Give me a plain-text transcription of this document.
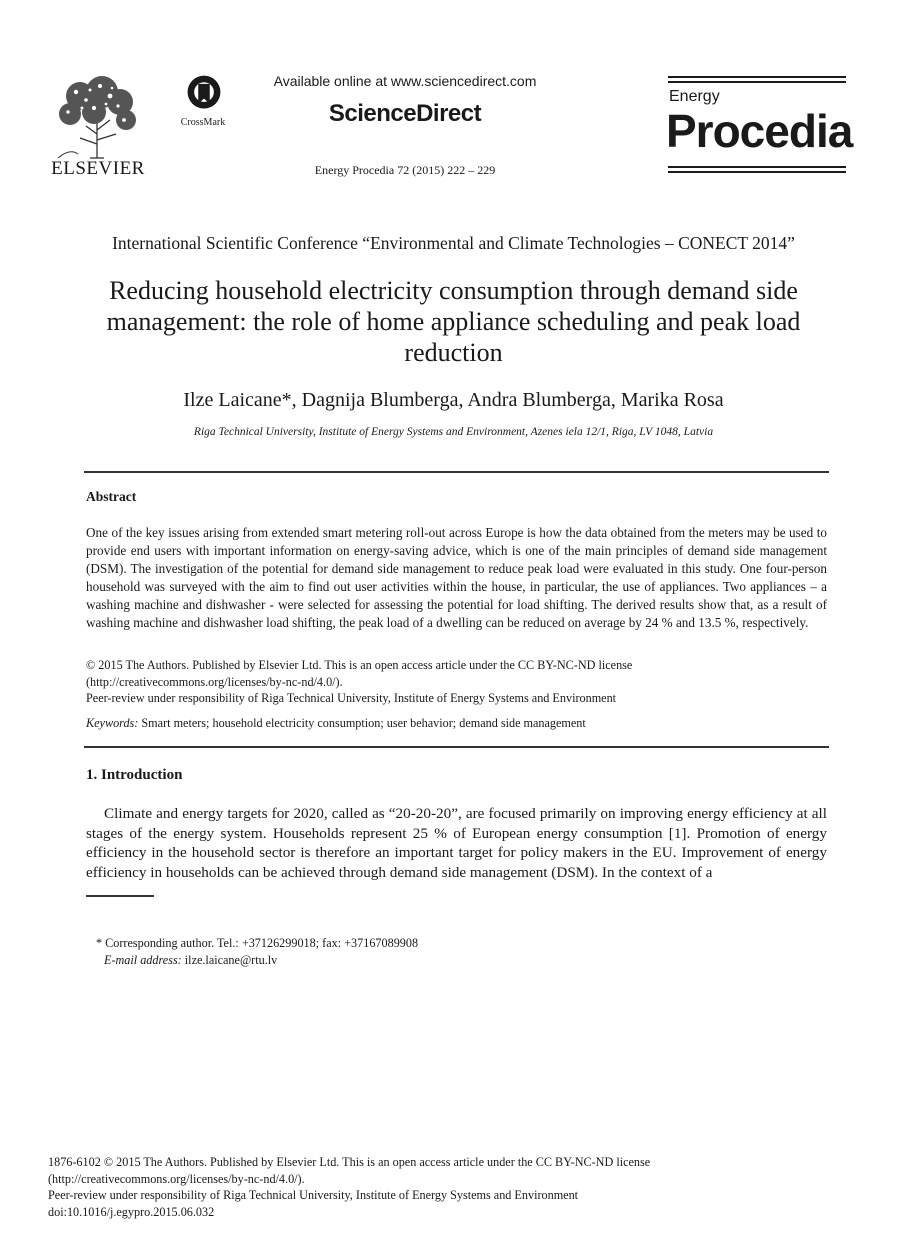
ELSEVIER
CrossMark
Available online at www.sciencedirect.com
ScienceDirect
Energy Procedia 72 (2015) 222 – 229
Energy
Procedia
International Scientific Conference “Environmental and Climate Technologies – CONECT 2014”
Reducing household electricity consumption through demand side
management: the role of home appliance scheduling and peak load
reduction
Ilze Laicane*, Dagnija Blumberga, Andra Blumberga, Marika Rosa
Riga Technical University, Institute of Energy Systems and Environment, Azenes iela 12/1, Riga, LV 1048, Latvia
Abstract
One of the key issues arising from extended smart metering roll-out across Europe is how the data obtained from the meters may be used to provide end users with important information on energy-saving advice, which is one of the main principles of demand side management (DSM). The investigation of the potential for demand side management to reduce peak load were evaluated in this study. One four-person household was surveyed with the aim to find out user activities within the house, in particular, the use of appliances. Two appliances – a washing machine and dishwasher - were selected for assessing the potential for load shifting. The derived results show that, as a result of washing machine and dishwasher load shifting, the peak load of a dwelling can be reduced on average by 24 % and 13.5 %, respectively.
© 2015 The Authors. Published by Elsevier Ltd. This is an open access article under the CC BY-NC-ND license
(http://creativecommons.org/licenses/by-nc-nd/4.0/).
Peer-review under responsibility of Riga Technical University, Institute of Energy Systems and Environment
Keywords: Smart meters; household electricity consumption; user behavior; demand side management
1. Introduction
Climate and energy targets for 2020, called as “20-20-20”, are focused primarily on improving energy efficiency at all stages of the energy system. Households represent 25 % of European energy consumption [1]. Promotion of energy efficiency in the household sector is therefore an important target for policy makers in the EU. Improvement of energy efficiency in households can be achieved through demand side management (DSM). In the context of a
* Corresponding author. Tel.: +37126299018; fax: +37167089908
E-mail address: ilze.laicane@rtu.lv
1876-6102 © 2015 The Authors. Published by Elsevier Ltd. This is an open access article under the CC BY-NC-ND license
(http://creativecommons.org/licenses/by-nc-nd/4.0/).
Peer-review under responsibility of Riga Technical University, Institute of Energy Systems and Environment
doi:10.1016/j.egypro.2015.06.032
